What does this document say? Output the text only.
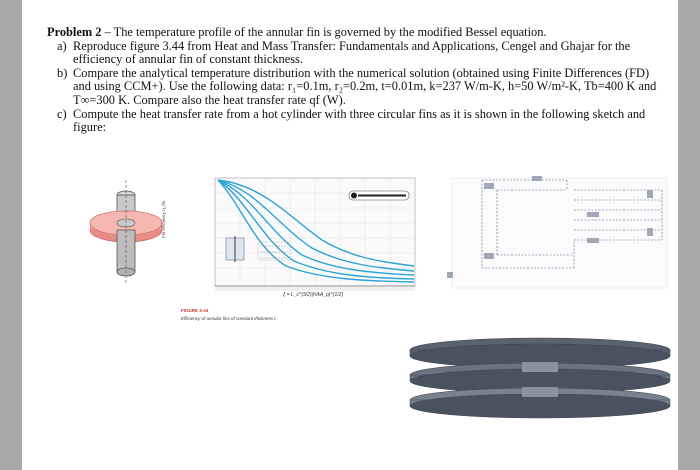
Problem 2 – The temperature profile of the annular fin is governed by the modified Bessel equation.

a) Reproduce figure 3.44 from Heat and Mass Transfer: Fundamentals and Applications, Cengel and Ghajar for the efficiency of annular fin of constant thickness.

b) Compare the analytical temperature distribution with the numerical solution (obtained using Finite Differences (FD) and using CCM+). Use the following data: r₁=0.1m, r₂=0.2m, t=0.01m, k=237 W/m-K, h=50 W/m²-K, Tb=400 K and T∞=300 K. Compare also the heat transfer rate qf (W).

c) Compute the heat transfer rate from a hot cylinder with three circular fins as it is shown in the following sketch and figure:

FIGURE 3-44
Efficiency of annular fins of constant thickness t.
ξ = L_c^{3/2}(h/kA_p)^{1/2}
Fin efficiency η_fin
